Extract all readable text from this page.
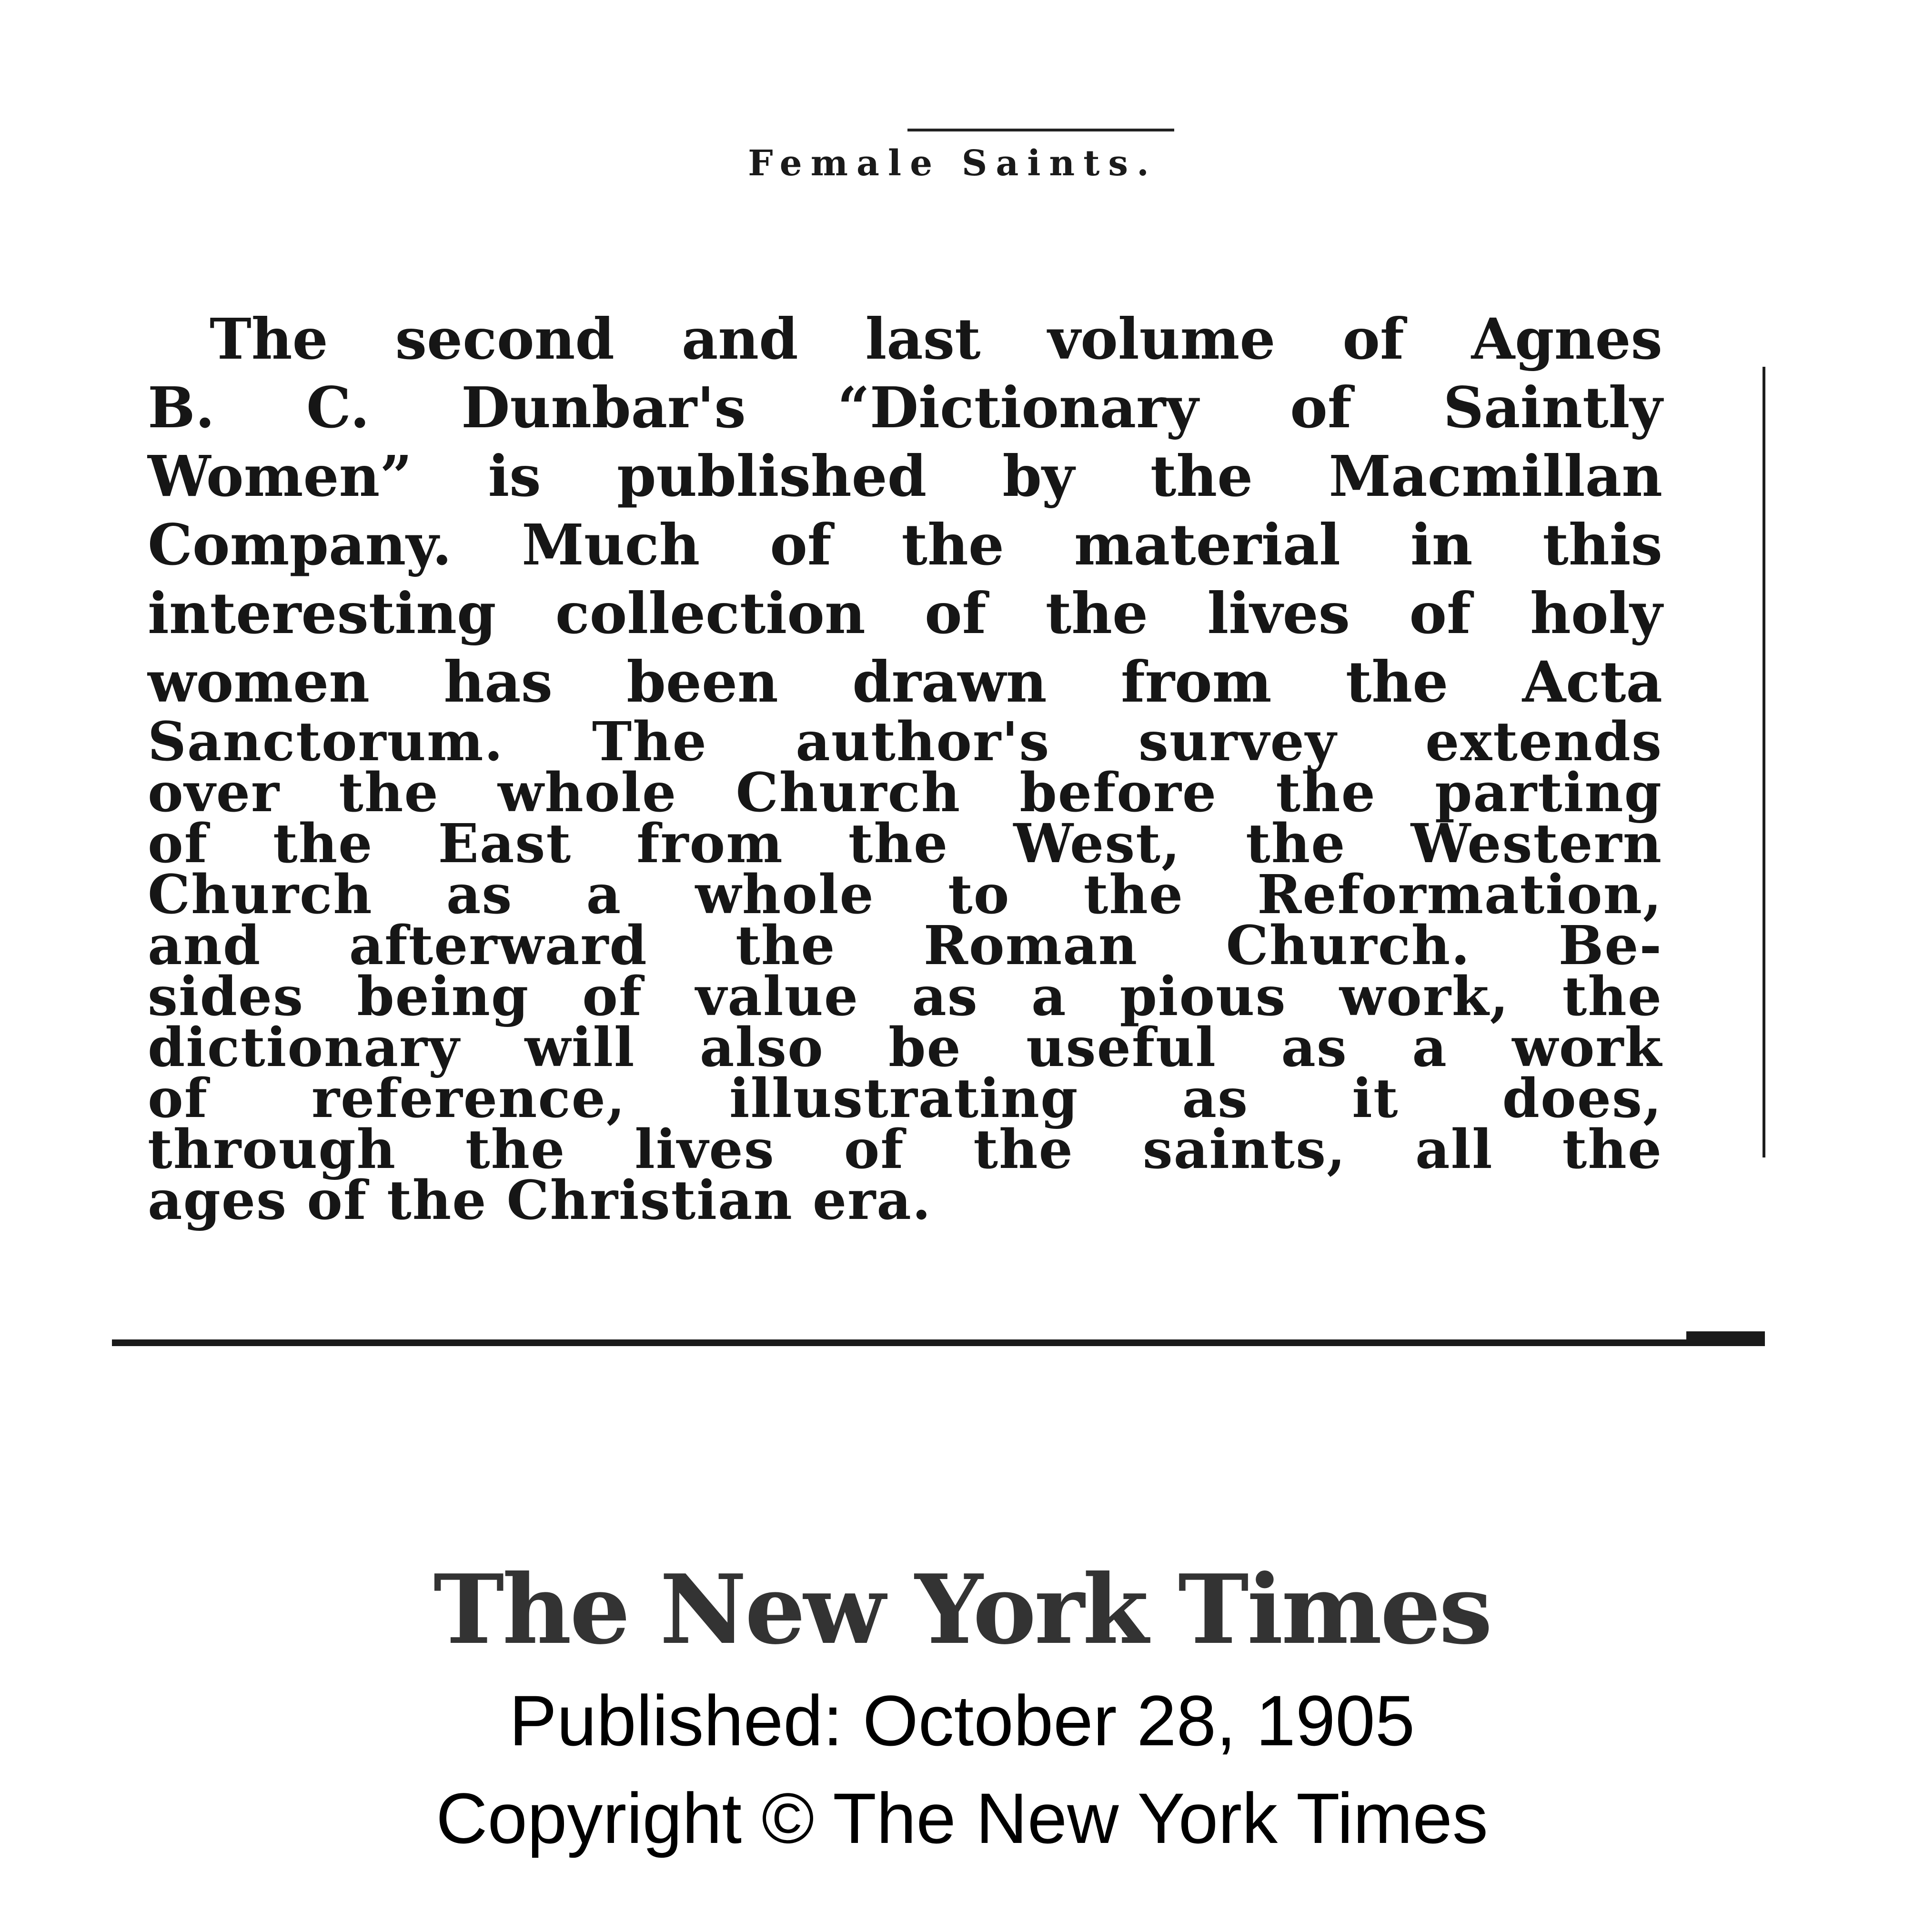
Female Saints.
The second and last volume of Agnes
B. C. Dunbar's “Dictionary of Saintly
Women” is published by the Macmillan
Company. Much of the material in this
interesting collection of the lives of holy
women has been drawn from the Acta
Sanctorum. The author's survey extends
over the whole Church before the parting
of the East from the West, the Western
Church as a whole to the Reformation,
and afterward the Roman Church. Be-
sides being of value as a pious work, the
dictionary will also be useful as a work
of reference, illustrating as it does,
through the lives of the saints, all the
ages of the Christian era.
The New York Times
Published: October 28, 1905
Copyright © The New York Times
